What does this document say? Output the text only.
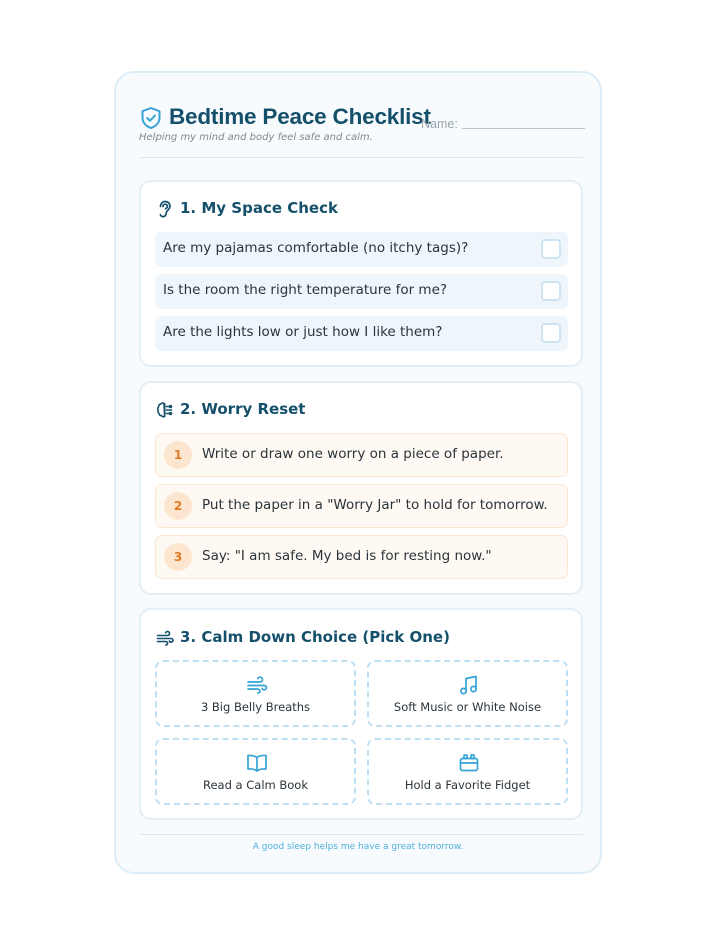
Bedtime Peace Checklist
Name:
Helping my mind and body feel safe and calm.
1. My Space Check
Are my pajamas comfortable (no itchy tags)?
Is the room the right temperature for me?
Are the lights low or just how I like them?
2. Worry Reset
1	Write or draw one worry on a piece of paper.
2	Put the paper in a "Worry Jar" to hold for tomorrow.
3	Say: "I am safe. My bed is for resting now."
3. Calm Down Choice (Pick One)
3 Big Belly Breaths	Soft Music or White Noise
Read a Calm Book	Hold a Favorite Fidget
A good sleep helps me have a great tomorrow.
